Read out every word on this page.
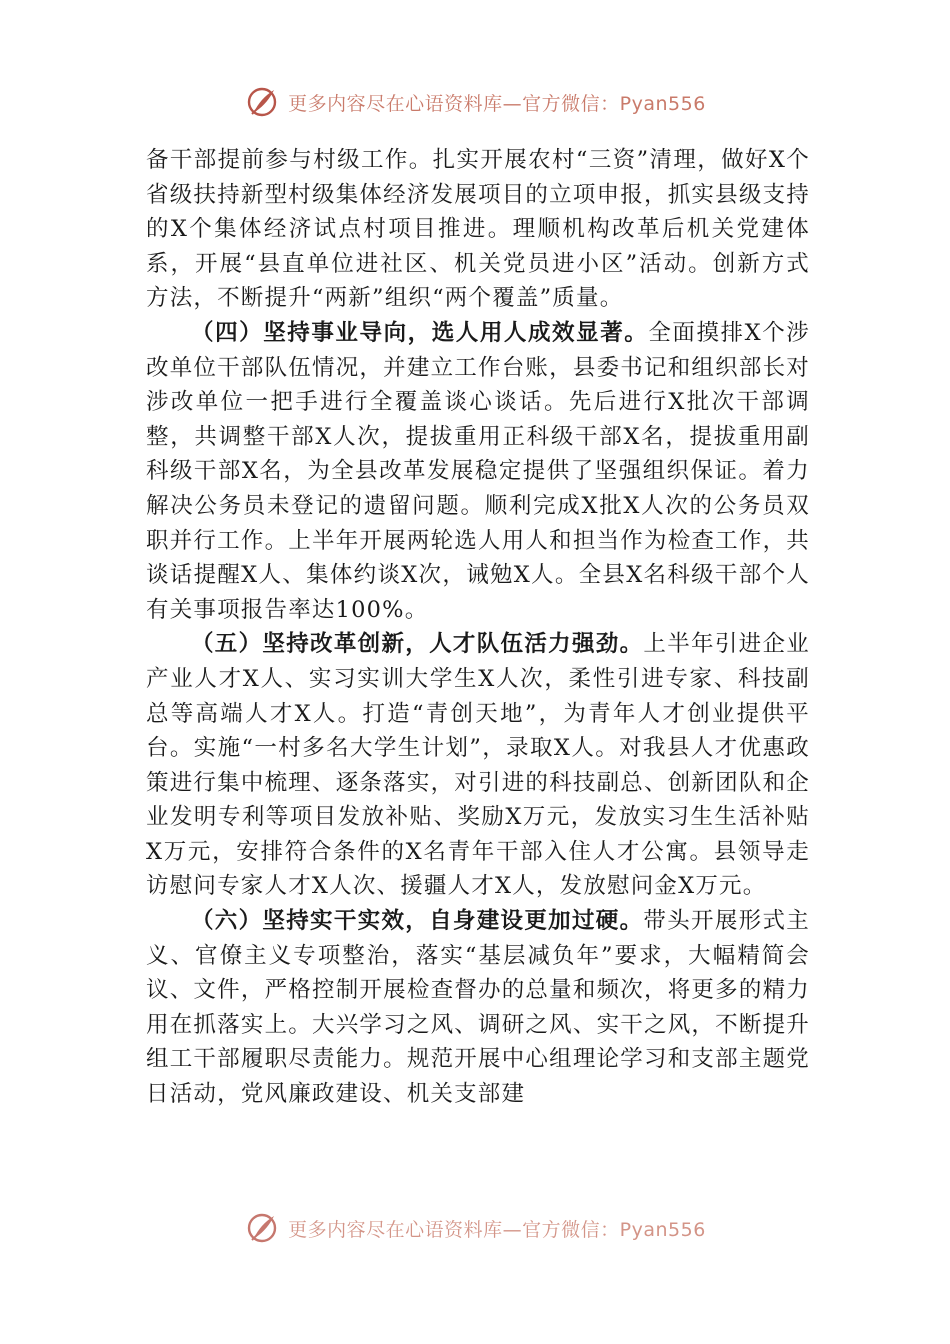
更多内容尽在心语资料库—官方微信：Pyan556

备干部提前参与村级工作。扎实开展农村“三资”清理，做好X个省级扶持新型村级集体经济发展项目的立项申报，抓实县级支持的X个集体经济试点村项目推进。理顺机构改革后机关党建体系，开展“县直单位进社区、机关党员进小区”活动。创新方式方法，不断提升“两新”组织“两个覆盖”质量。

（四）坚持事业导向，选人用人成效显著。全面摸排X个涉改单位干部队伍情况，并建立工作台账，县委书记和组织部长对涉改单位一把手进行全覆盖谈心谈话。先后进行X批次干部调整，共调整干部X人次，提拔重用正科级干部X名，提拔重用副科级干部X名，为全县改革发展稳定提供了坚强组织保证。着力解决公务员未登记的遗留问题。顺利完成X批X人次的公务员双职并行工作。上半年开展两轮选人用人和担当作为检查工作，共谈话提醒X人、集体约谈X次，诫勉X人。全县X名科级干部个人有关事项报告率达100%。

（五）坚持改革创新，人才队伍活力强劲。上半年引进企业产业人才X人、实习实训大学生X人次，柔性引进专家、科技副总等高端人才X人。打造“青创天地”，为青年人才创业提供平台。实施“一村多名大学生计划”，录取X人。对我县人才优惠政策进行集中梳理、逐条落实，对引进的科技副总、创新团队和企业发明专利等项目发放补贴、奖励X万元，发放实习生生活补贴X万元，安排符合条件的X名青年干部入住人才公寓。县领导走访慰问专家人才X人次、援疆人才X人，发放慰问金X万元。

（六）坚持实干实效，自身建设更加过硬。带头开展形式主义、官僚主义专项整治，落实“基层减负年”要求，大幅精简会议、文件，严格控制开展检查督办的总量和频次，将更多的精力用在抓落实上。大兴学习之风、调研之风、实干之风，不断提升组工干部履职尽责能力。规范开展中心组理论学习和支部主题党日活动，党风廉政建设、机关支部建

更多内容尽在心语资料库—官方微信：Pyan556
